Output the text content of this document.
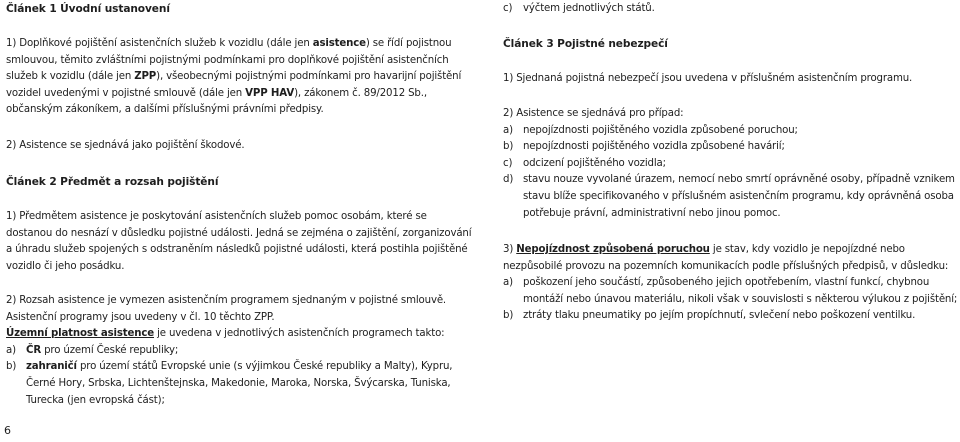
Článek 1 Úvodní ustanovení

1) Doplňkové pojištění asistenčních služeb k vozidlu (dále jen asistence) se řídí pojistnou smlouvou, těmito zvláštními pojistnými podmínkami pro doplňkové pojištění asistenčních služeb k vozidlu (dále jen ZPP), všeobecnými pojistnými podmínkami pro havarijní pojištění vozidel uvedenými v pojistné smlouvě (dále jen VPP HAV), zákonem č. 89/2012 Sb., občanským zákoníkem, a dalšími příslušnými právními předpisy.

2) Asistence se sjednává jako pojištění škodové.

Článek 2 Předmět a rozsah pojištění

1) Předmětem asistence je poskytování asistenčních služeb pomoc osobám, které se dostanou do nesnází v důsledku pojistné události. Jedná se zejména o zajištění, zorganizování a úhradu služeb spojených s odstraněním následků pojistné události, která postihla pojištěné vozidlo či jeho posádku.

2) Rozsah asistence je vymezen asistenčním programem sjednaným v pojistné smlouvě. Asistenční programy jsou uvedeny v čl. 10 těchto ZPP.
Územní platnost asistence je uvedena v jednotlivých asistenčních programech takto:

a) ČR pro území České republiky;
b) zahraničí pro území států Evropské unie (s výjimkou České republiky a Malty), Kypru, Černé Hory, Srbska, Lichtenštejnska, Makedonie, Maroka, Norska, Švýcarska, Tuniska, Turecka (jen evropská část);
c)	výčtem jednotlivých států.
Článek 3 Pojistné nebezpečí

1) Sjednaná pojistná nebezpečí jsou uvedena v příslušném asistenčním programu.

2) Asistence se sjednává pro případ:

a) nepojízdnosti pojištěného vozidla způsobené poruchou;
b) nepojízdnosti pojištěného vozidla způsobené havárií;
c)	odcizení pojištěného vozidla;
d) stavu nouze vyvolané úrazem, nemocí nebo smrtí oprávněné osoby, případně vznikem stavu blíže specifikovaného v příslušném asistenčním programu, kdy oprávněná osoba potřebuje právní, administrativní nebo jinou pomoc.

3) Nepojízdnost způsobená poruchou je stav, kdy vozidlo je nepojízdné nebo nezpůsobilé provozu na pozemních komunikacích podle příslušných předpisů, v důsledku:

a) poškození jeho součástí, způsobeného jejich opotřebením, vlastní funkcí, chybnou montáží nebo únavou materiálu, nikoli však v souvislosti s některou výlukou z pojištění;
b) ztráty tlaku pneumatiky po jejím propíchnutí, svlečení nebo poškození ventilku.
6
